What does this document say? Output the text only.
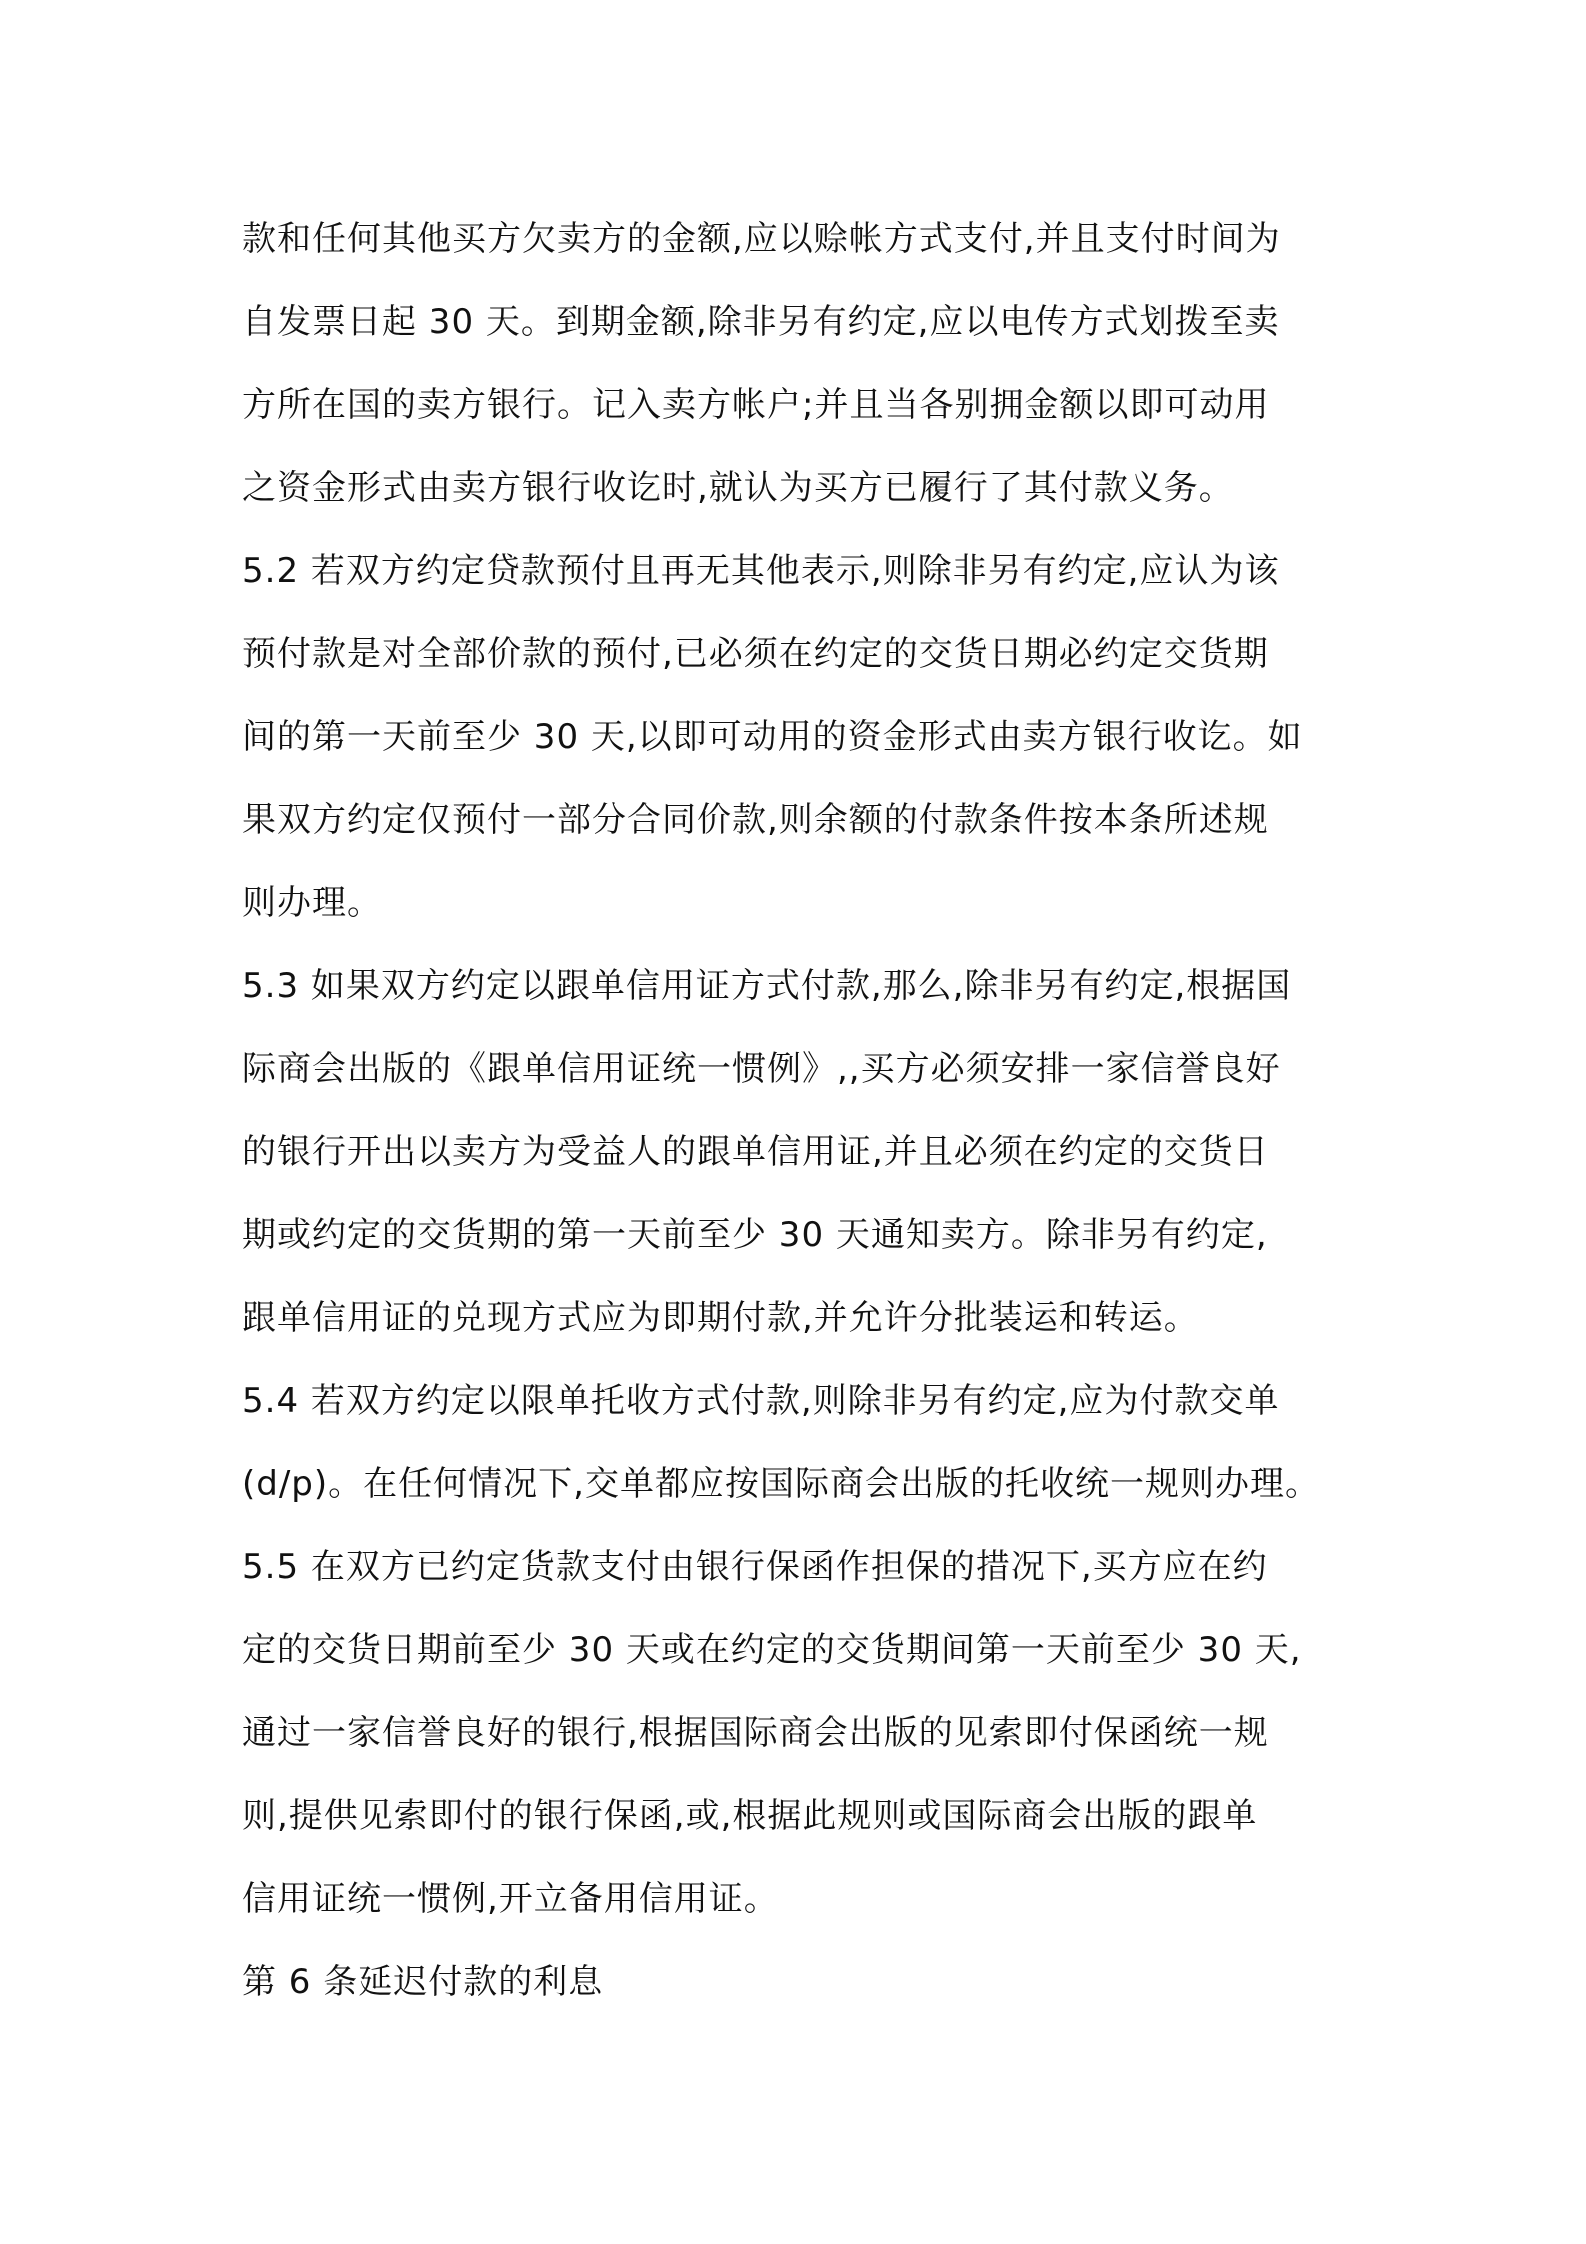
款和任何其他买方欠卖方的金额,应以赊帐方式支付,并且支付时间为
自发票日起 30 天。到期金额,除非另有约定,应以电传方式划拨至卖
方所在国的卖方银行。记入卖方帐户;并且当各别拥金额以即可动用
之资金形式由卖方银行收讫时,就认为买方已履行了其付款义务。
5.2 若双方约定贷款预付且再无其他表示,则除非另有约定,应认为该
预付款是对全部价款的预付,已必须在约定的交货日期必约定交货期
间的第一天前至少 30 天,以即可动用的资金形式由卖方银行收讫。如
果双方约定仅预付一部分合同价款,则余额的付款条件按本条所述规
则办理。
5.3 如果双方约定以跟单信用证方式付款,那么,除非另有约定,根据国
际商会出版的《跟单信用证统一惯例》,,买方必须安排一家信誉良好
的银行开出以卖方为受益人的跟单信用证,并且必须在约定的交货日
期或约定的交货期的第一天前至少 30 天通知卖方。除非另有约定,
跟单信用证的兑现方式应为即期付款,并允许分批装运和转运。
5.4 若双方约定以限单托收方式付款,则除非另有约定,应为付款交单
(d/p)。在任何情况下,交单都应按国际商会出版的托收统一规则办理。
5.5 在双方已约定货款支付由银行保函作担保的措况下,买方应在约
定的交货日期前至少 30 天或在约定的交货期间第一天前至少 30 天,
通过一家信誉良好的银行,根据国际商会出版的见索即付保函统一规
则,提供见索即付的银行保函,或,根据此规则或国际商会出版的跟单
信用证统一惯例,开立备用信用证。
第 6 条延迟付款的利息
